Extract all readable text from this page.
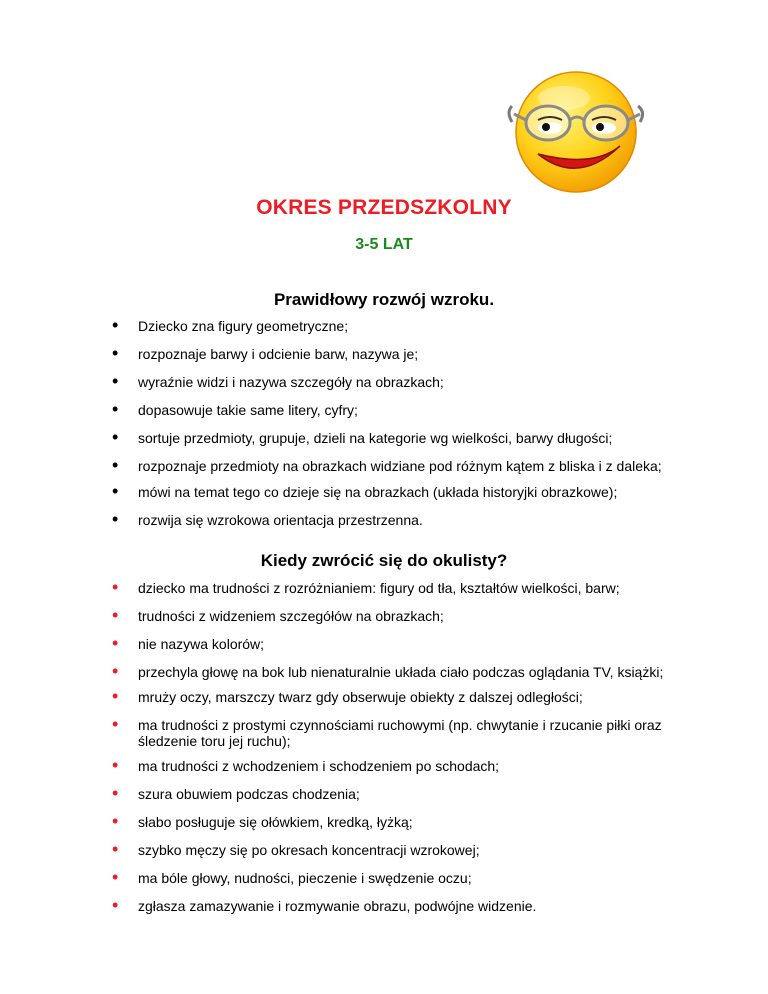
OKRES PRZEDSZKOLNY
3-5 LAT
Prawidłowy rozwój wzroku.
• Dziecko zna figury geometryczne;
• rozpoznaje barwy i odcienie barw, nazywa je;
• wyraźnie widzi i nazywa szczegóły na obrazkach;
• dopasowuje takie same litery, cyfry;
• sortuje przedmioty, grupuje, dzieli na kategorie wg wielkości, barwy długości;
• rozpoznaje przedmioty na obrazkach widziane pod różnym kątem z bliska i z daleka;
• mówi na temat tego co dzieje się na obrazkach (układa historyjki obrazkowe);
• rozwija się wzrokowa orientacja przestrzenna.
Kiedy zwrócić się do okulisty?
• dziecko ma trudności z rozróżnianiem: figury od tła, kształtów wielkości, barw;
• trudności z widzeniem szczegółów na obrazkach;
• nie nazywa kolorów;
• przechyla głowę na bok lub nienaturalnie układa ciało podczas oglądania TV, książki;
• mruży oczy, marszczy twarz gdy obserwuje obiekty z dalszej odległości;
• ma trudności z prostymi czynnościami ruchowymi (np. chwytanie i rzucanie piłki oraz śledzenie toru jej ruchu);
• ma trudności z wchodzeniem i schodzeniem po schodach;
• szura obuwiem podczas chodzenia;
• słabo posługuje się ołówkiem, kredką, łyżką;
• szybko męczy się po okresach koncentracji wzrokowej;
• ma bóle głowy, nudności, pieczenie i swędzenie oczu;
• zgłasza zamazywanie i rozmywanie obrazu, podwójne widzenie.
